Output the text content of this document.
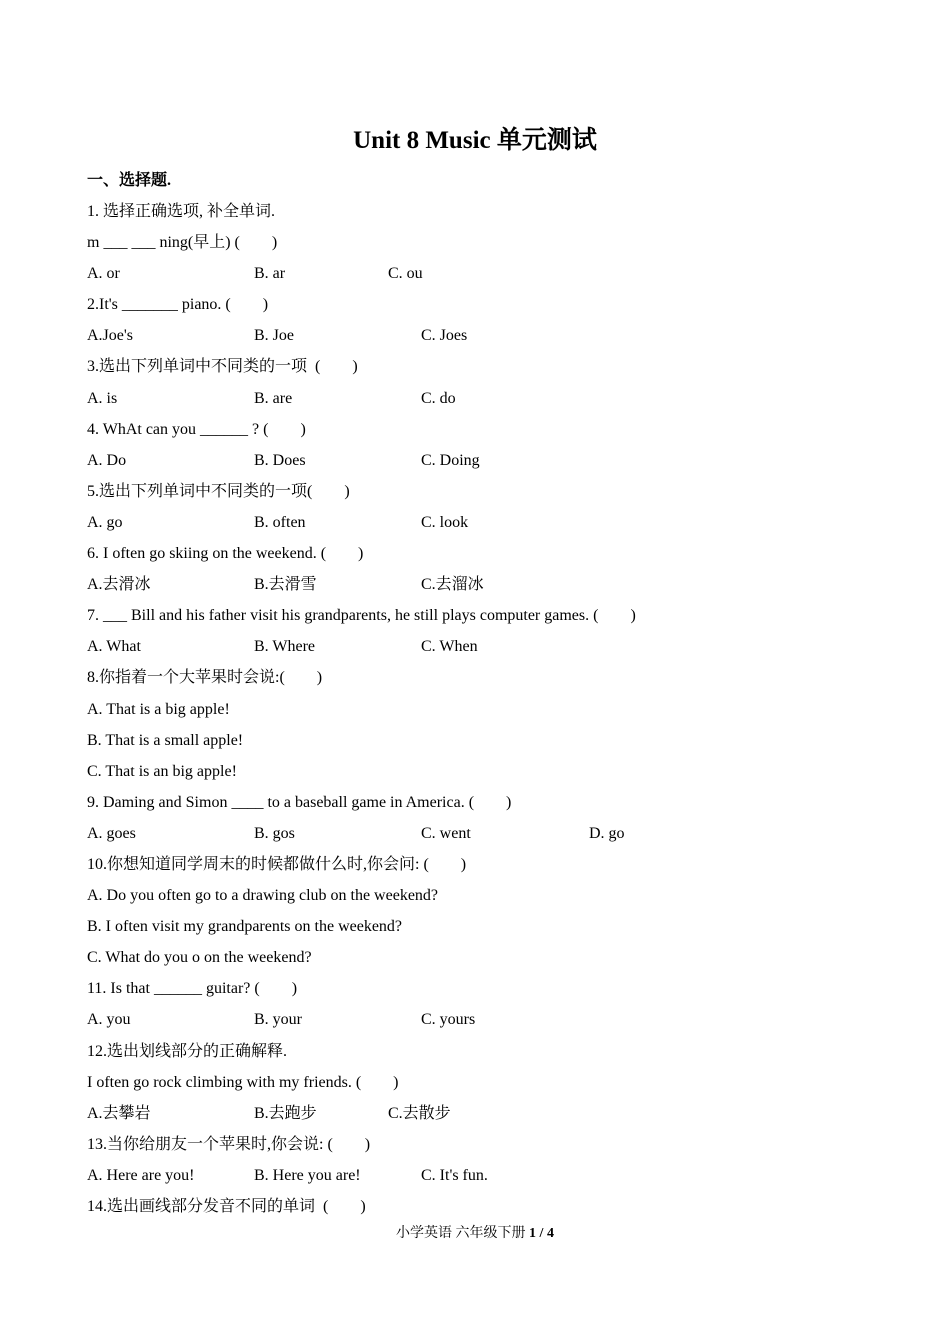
Unit 8 Music 单元测试
一、选择题.
1. 选择正确选项, 补全单词.
m ___ ___ ning(早上) (        )

A. or

	B. ar

	C. ou

2.It's _______ piano. (        )

A.Joe's

	B. Joe

	C. Joes

3.选出下列单词中不同类的一项  (        )

A. is

	B. are

	C. do

4. WhAt can you ______ ? (        )

A. Do

	B. Does

	C. Doing

5.选出下列单词中不同类的一项(        )

A. go

	B. often

	C. look

6. I often go skiing on the weekend. (        )

A.去滑冰

	B.去滑雪

	C.去溜冰

7. ___ Bill and his father visit his grandparents, he still plays computer games. (        )

A. What

	B. Where

	C. When

8.你指着一个大苹果时会说:(        )
A. That is a big apple!
B. That is a small apple!
C. That is an big apple!
9. Daming and Simon ____ to a baseball game in America. (        )

A. goes

	B. gos

	C. went

	D. go

10.你想知道同学周末的时候都做什么时,你会问: (        )
A. Do you often go to a drawing club on the weekend?
B. I often visit my grandparents on the weekend?
C. What do you o on the weekend?
11. Is that ______ guitar? (        )

A. you

	B. your

	C. yours

12.选出划线部分的正确解释.
I often go rock climbing with my friends. (        )

A.去攀岩

	B.去跑步

	C.去散步

13.当你给朋友一个苹果时,你会说: (        )

A. Here are you!

	B. Here you are!

	C. It's fun.

14.选出画线部分发音不同的单词  (        )
小学英语 六年级下册 1 / 4
